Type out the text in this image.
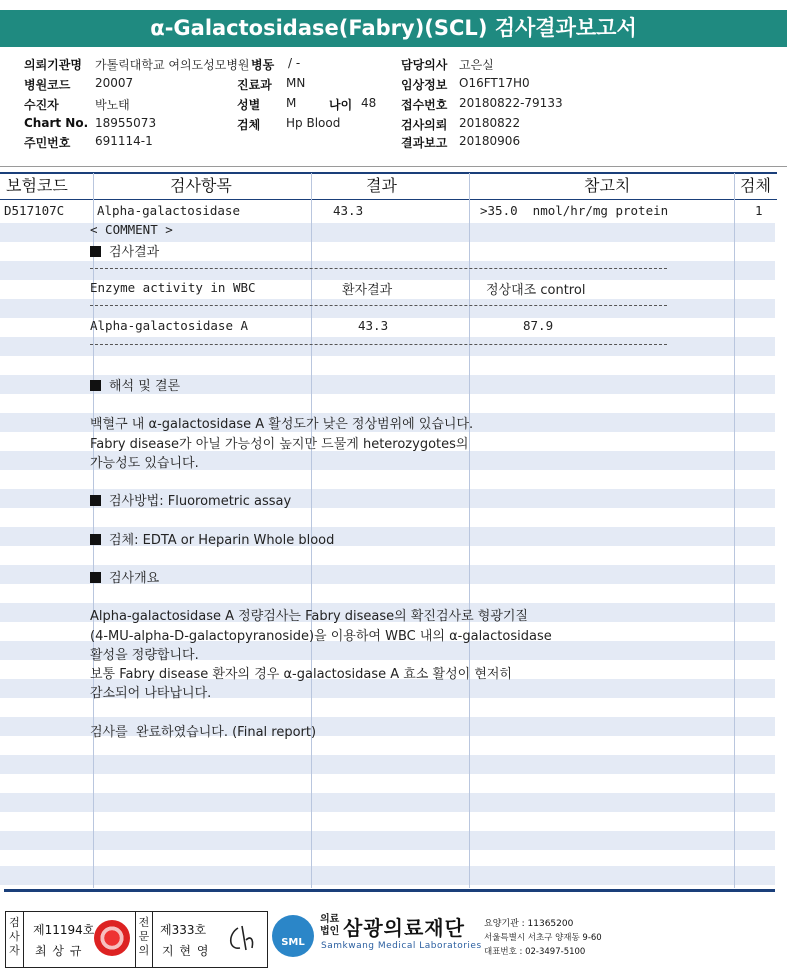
α-Galactosidase(Fabry)(SCL) 검사결과보고서
의뢰기관명 가톨릭대학교 여의도성모병원
병원코드 20007
수진자	박노태
Chart No. 18955073
주민번호 691114-1
병동 / -
진료과 MN
성별 M	나이 48
검체 Hp Blood
담당의사 고은실
임상정보 O16FT17H0
접수번호 20180822-79133
검사의뢰 20180822
결과보고 20180906
보험코드	검사항목	결과	참고치	검체
D517107C	Alpha-galactosidase	43.3	>35.0  nmol/hr/mg protein	1
< COMMENT >
검사결과
Enzyme activity in WBC	환자결과	정상대조 control
Alpha-galactosidase A	43.3	87.9
해석 및 결론
백혈구 내 α-galactosidase A 활성도가 낮은 정상범위에 있습니다.
Fabry disease가 아닐 가능성이 높지만 드물게 heterozygotes의
가능성도 있습니다.
검사방법: Fluorometric assay
검체: EDTA or Heparin Whole blood
검사개요
Alpha-galactosidase A 정량검사는 Fabry disease의 확진검사로 형광기질
(4-MU-alpha-D-galactopyranoside)을 이용하여 WBC 내의 α-galactosidase
활성을 정량합니다.
보통 Fabry disease 환자의 경우 α-galactosidase A 효소 활성이 현저히
감소되어 나타납니다.
검사를  완료하였습니다. (Final report)
검사자
제11194호
최 상 규
전문의
제333호
지 현 영
SML
의료법인 삼광의료재단
Samkwang Medical Laboratories
요양기관 : 11365200
서울특별시 서초구 양재동 9-60
대표번호 : 02-3497-5100
